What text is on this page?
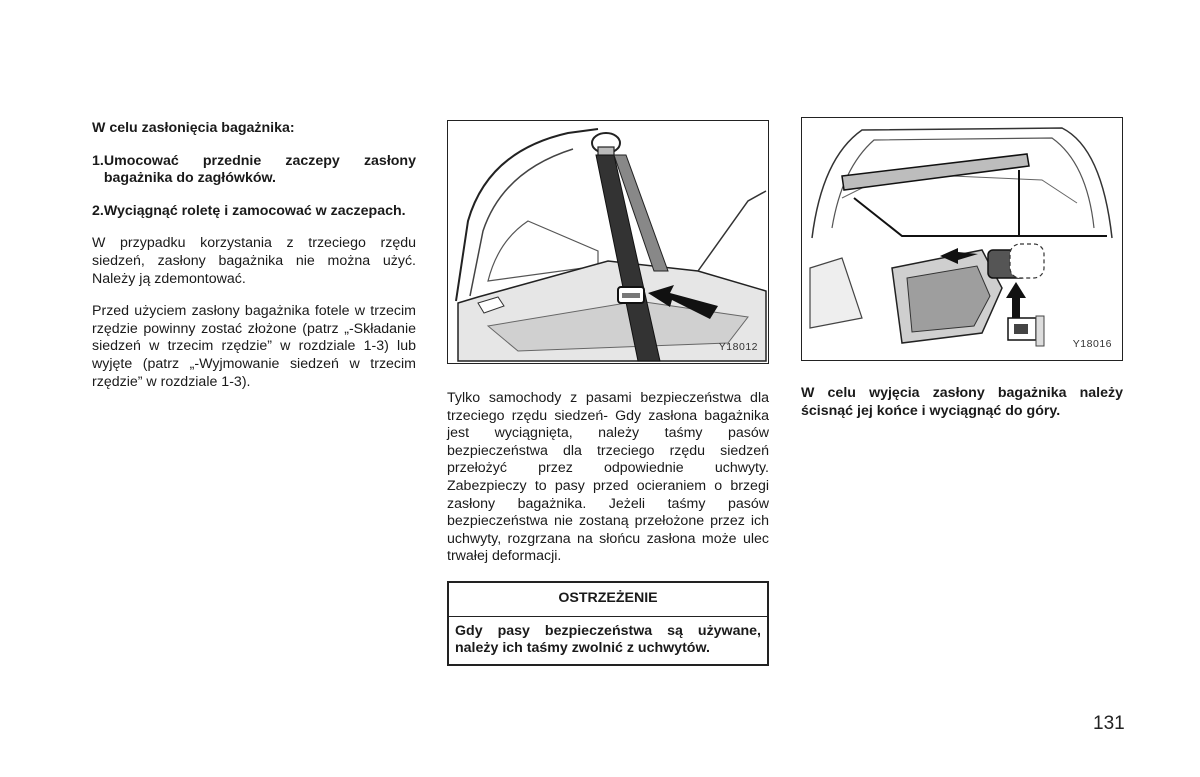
W celu zasłonięcia bagażnika:
1. Umocować przednie zaczepy zasłony bagażnika do zagłówków.
2. Wyciągnąć roletę i zamocować w zaczepach.

W przypadku korzystania z trzeciego rzędu siedzeń, zasłony bagażnika nie można użyć. Należy ją zdemontować.

Przed użyciem zasłony bagażnika fotele w trzecim rzędzie powinny zostać złożone (patrz „-Składanie siedzeń w trzecim rzędzie” w rozdziale 1-3) lub wyjęte (patrz „-Wyjmowanie siedzeń w trzecim rzędzie” w rozdziale 1-3).

Y18012

Tylko samochody z pasami bezpieczeństwa dla trzeciego rzędu siedzeń- Gdy zasłona bagażnika jest wyciągnięta, należy taśmy pasów bezpieczeństwa dla trzeciego rzędu siedzeń przełożyć przez odpowiednie uchwyty. Zabezpieczy to pasy przed ocieraniem o brzegi zasłony bagażnika. Jeżeli taśmy pasów bezpieczeństwa nie zostaną przełożone przez ich uchwyty, rozgrzana na słońcu zasłona może ulec trwałej deformacji.

OSTRZEŻENIE
Gdy pasy bezpieczeństwa są używane, należy ich taśmy zwolnić z uchwytów.
Y18016

W celu wyjęcia zasłony bagażnika należy ścisnąć jej końce i wyciągnąć do góry.

131
